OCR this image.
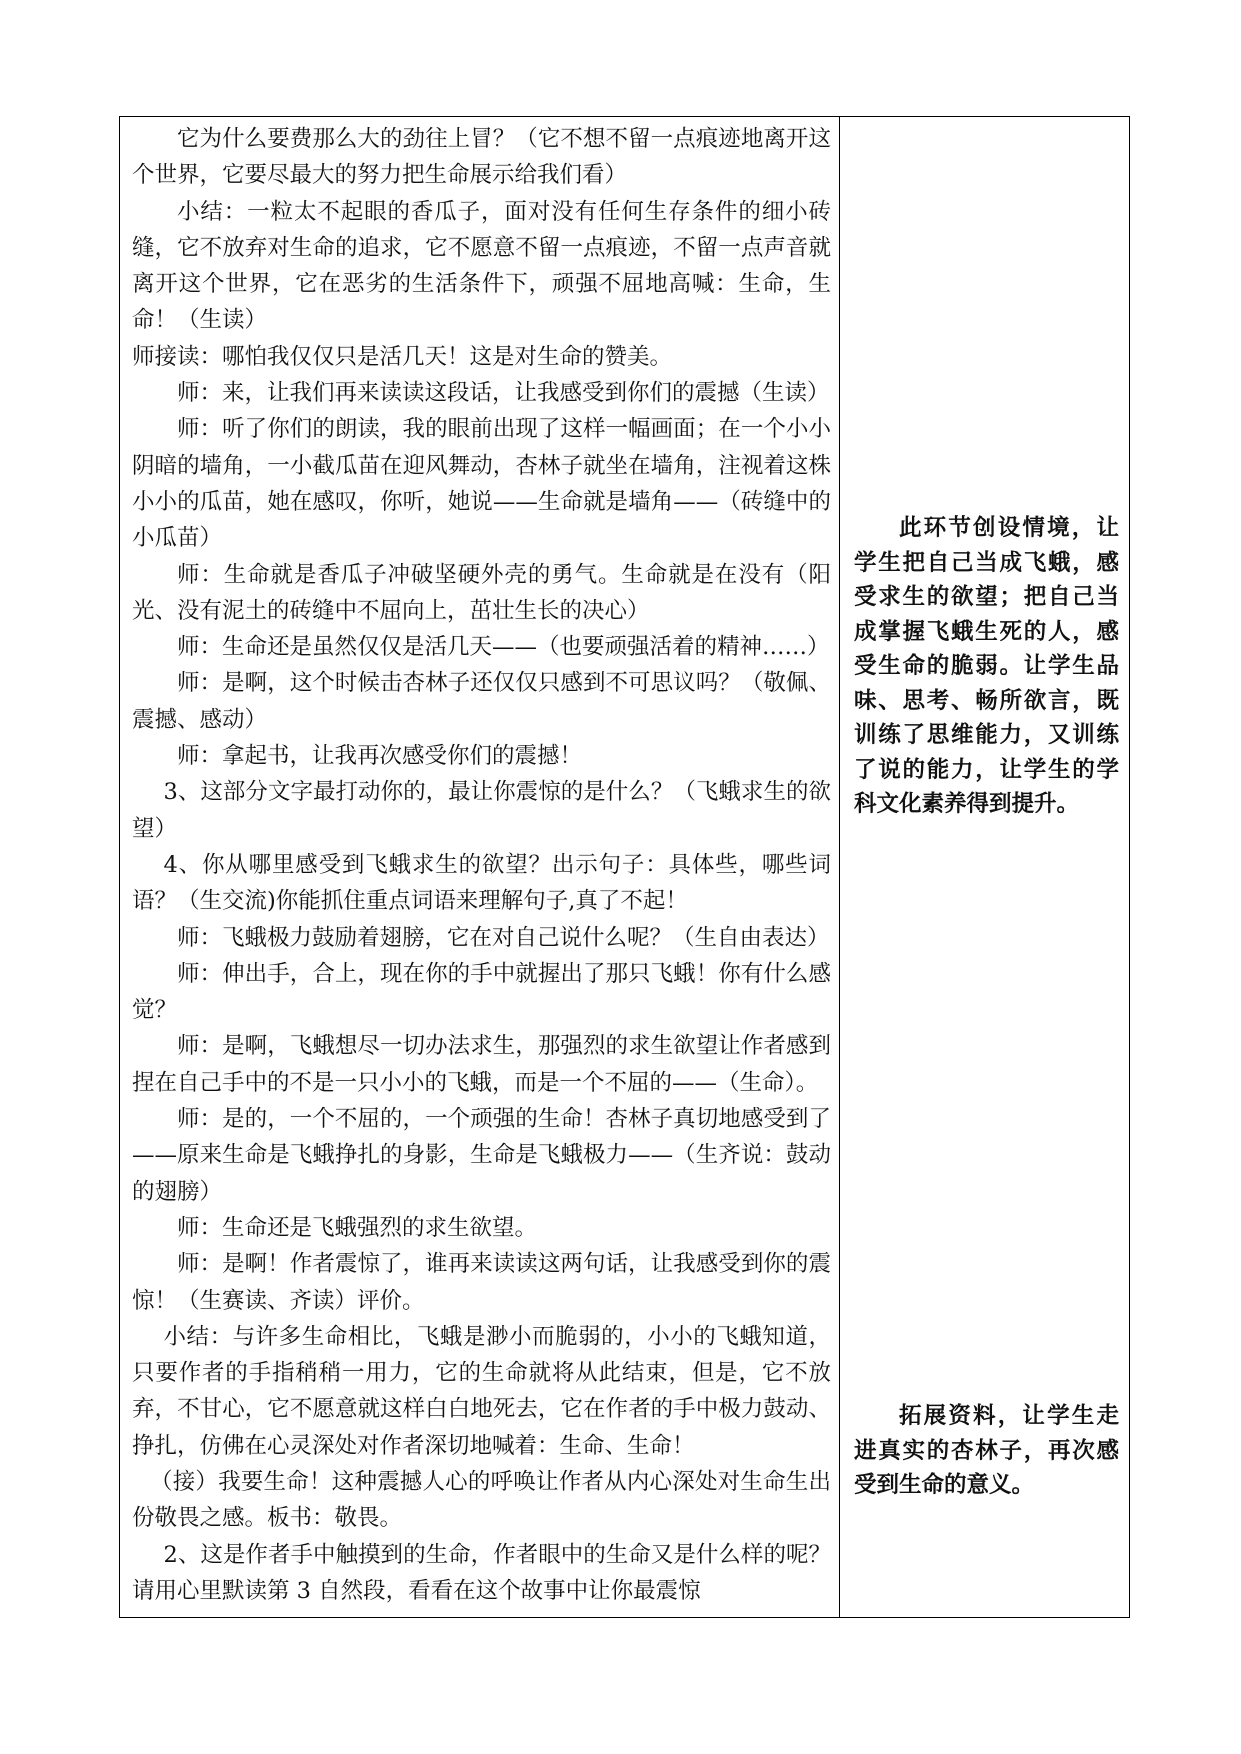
它为什么要费那么大的劲往上冒？（它不想不留一点痕迹地离开这个世界，它要尽最大的努力把生命展示给我们看）

小结：一粒太不起眼的香瓜子，面对没有任何生存条件的细小砖缝，它不放弃对生命的追求，它不愿意不留一点痕迹，不留一点声音就离开这个世界，它在恶劣的生活条件下，顽强不屈地高喊：生命，生命！（生读）

师接读：哪怕我仅仅只是活几天！这是对生命的赞美。

师：来，让我们再来读读这段话，让我感受到你们的震撼（生读）

师：听了你们的朗读，我的眼前出现了这样一幅画面；在一个小小阴暗的墙角，一小截瓜苗在迎风舞动，杏林子就坐在墙角，注视着这株小小的瓜苗，她在感叹，你听，她说——生命就是墙角——（砖缝中的小瓜苗）

师：生命就是香瓜子冲破坚硬外壳的勇气。生命就是在没有（阳光、没有泥土的砖缝中不屈向上，茁壮生长的决心）

师：生命还是虽然仅仅是活几天——（也要顽强活着的精神……）

师：是啊，这个时候击杏林子还仅仅只感到不可思议吗？（敬佩、震撼、感动）

师：拿起书，让我再次感受你们的震撼！

3、这部分文字最打动你的，最让你震惊的是什么？（飞蛾求生的欲望）

4、你从哪里感受到飞蛾求生的欲望？出示句子：具体些，哪些词语？（生交流)你能抓住重点词语来理解句子,真了不起！

师：飞蛾极力鼓励着翅膀，它在对自己说什么呢？（生自由表达）

师：伸出手，合上，现在你的手中就握出了那只飞蛾！你有什么感觉？

师：是啊，飞蛾想尽一切办法求生，那强烈的求生欲望让作者感到捏在自己手中的不是一只小小的飞蛾，而是一个不屈的——（生命）。

师：是的，一个不屈的，一个顽强的生命！杏林子真切地感受到了——原来生命是飞蛾挣扎的身影，生命是飞蛾极力——（生齐说：鼓动的翅膀）

师：生命还是飞蛾强烈的求生欲望。

师：是啊！作者震惊了，谁再来读读这两句话，让我感受到你的震惊！（生赛读、齐读）评价。

小结：与许多生命相比，飞蛾是渺小而脆弱的，小小的飞蛾知道，只要作者的手指稍稍一用力，它的生命就将从此结束，但是，它不放弃，不甘心，它不愿意就这样白白地死去，它在作者的手中极力鼓动、挣扎，仿佛在心灵深处对作者深切地喊着：生命、生命！

（接）我要生命！这种震撼人心的呼唤让作者从内心深处对生命生出份敬畏之感。板书：敬畏。

2、这是作者手中触摸到的生命，作者眼中的生命又是什么样的呢？请用心里默读第 3 自然段，看看在这个故事中让你最震惊

此环节创设情境，让学生把自己当成飞蛾，感受求生的欲望；把自己当成掌握飞蛾生死的人，感受生命的脆弱。让学生品味、思考、畅所欲言，既训练了思维能力，又训练了说的能力，让学生的学科文化素养得到提升。

拓展资料，让学生走进真实的杏林子，再次感受到生命的意义。
